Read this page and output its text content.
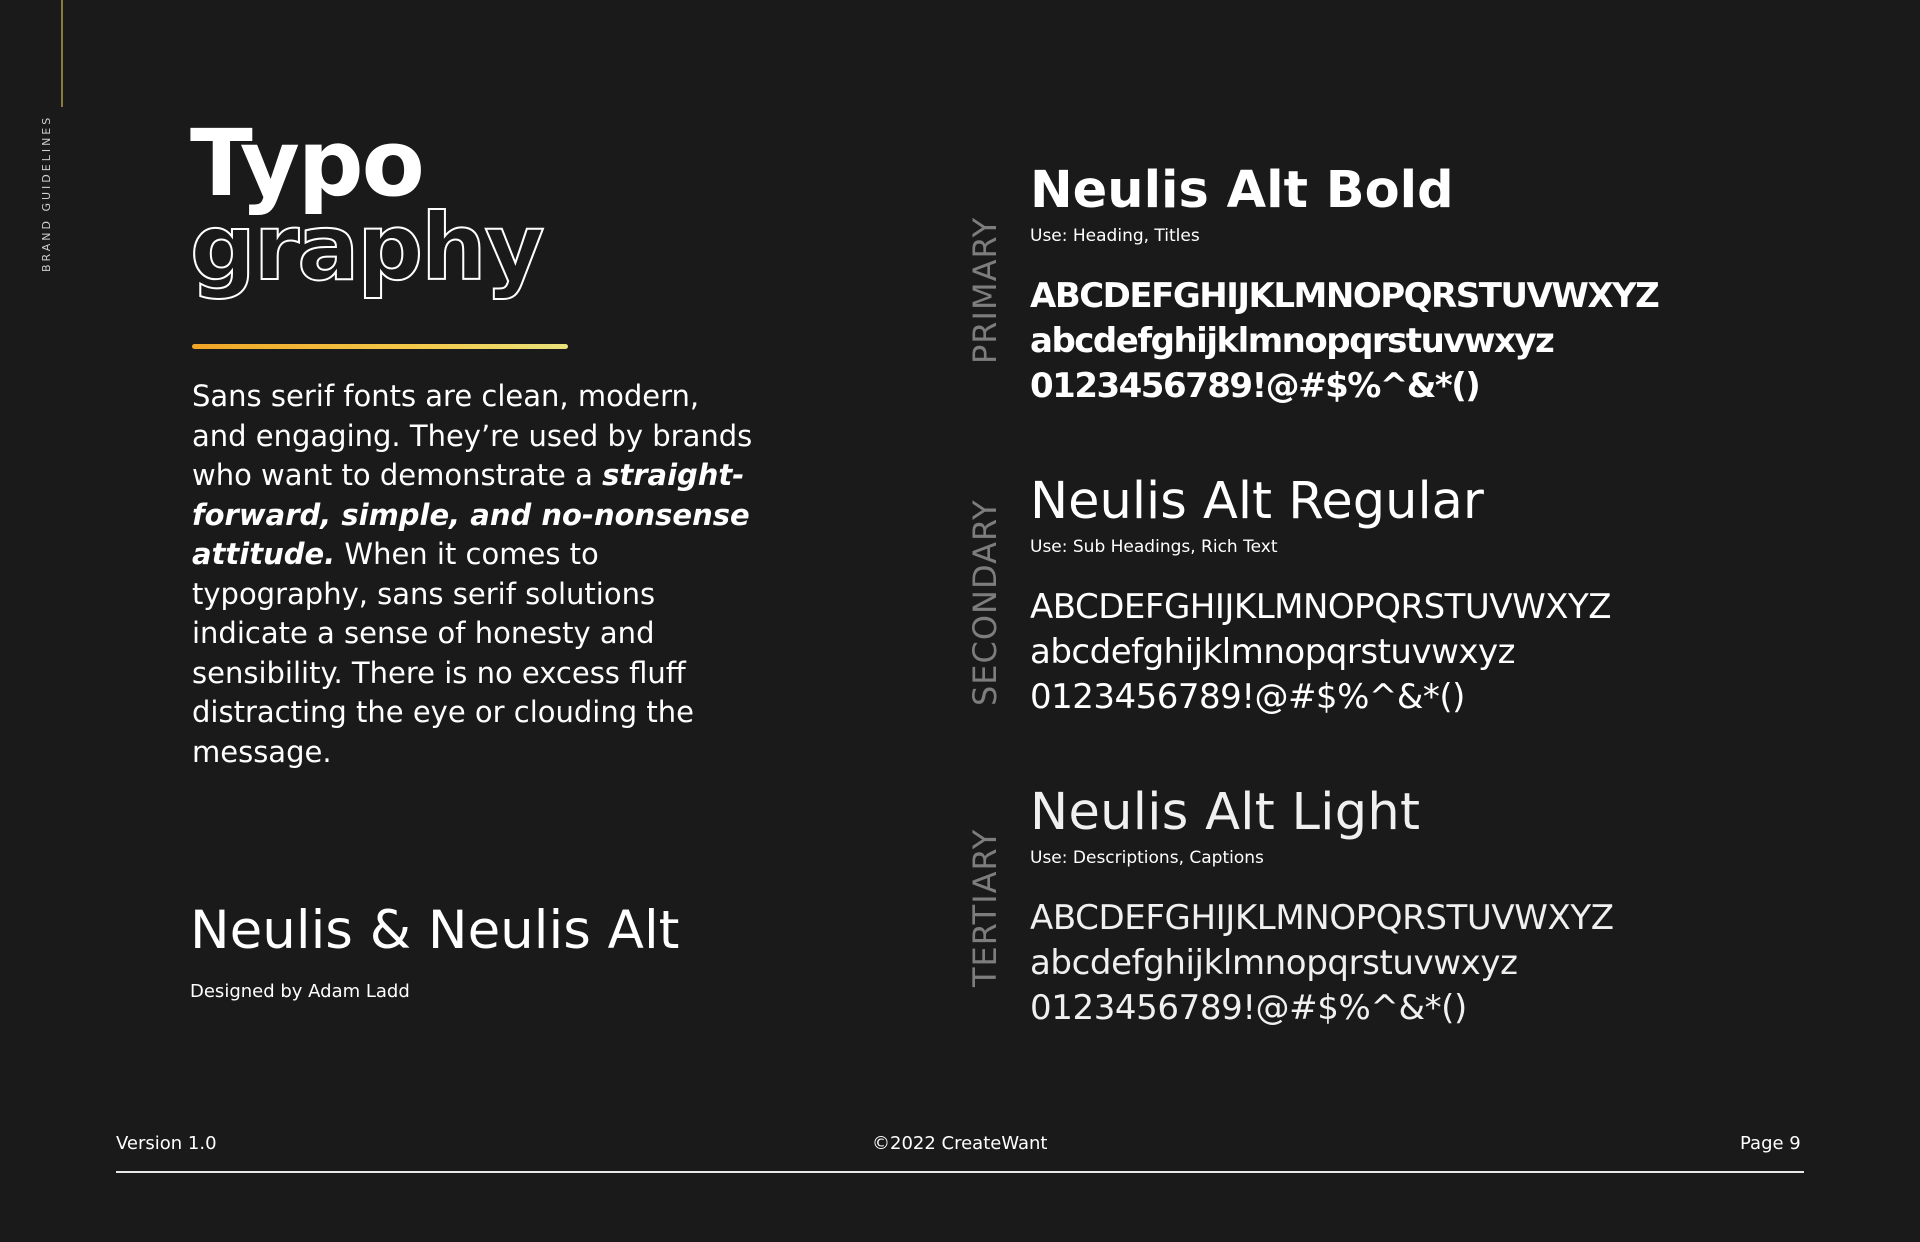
BRAND GUIDELINES Typo
graphy

Sans serif fonts are clean, modern, and engaging. They’re used by brands who want to demonstrate a straight-forward, simple, and no-nonsense attitude. When it comes to typography, sans serif solutions indicate a sense of honesty and sensibility. There is no excess fluff distracting the eye or clouding the message.

Neulis & Neulis Alt
Designed by Adam Ladd
PRIMARY
Neulis Alt Bold
Use: Heading, Titles
ABCDEFGHIJKLMNOPQRSTUVWXYZ
abcdefghijklmnopqrstuvwxyz
0123456789!@#$%^&*()
SECONDARY Neulis Alt Regular
Use: Sub Headings, Rich Text
ABCDEFGHIJKLMNOPQRSTUVWXYZ
abcdefghijklmnopqrstuvwxyz
0123456789!@#$%^&*()
TERTIARY
Neulis Alt Light
Use: Descriptions, Captions
ABCDEFGHIJKLMNOPQRSTUVWXYZ
abcdefghijklmnopqrstuvwxyz
0123456789!@#$%^&*()
Version 1.0	©2022 CreateWant	Page 9
